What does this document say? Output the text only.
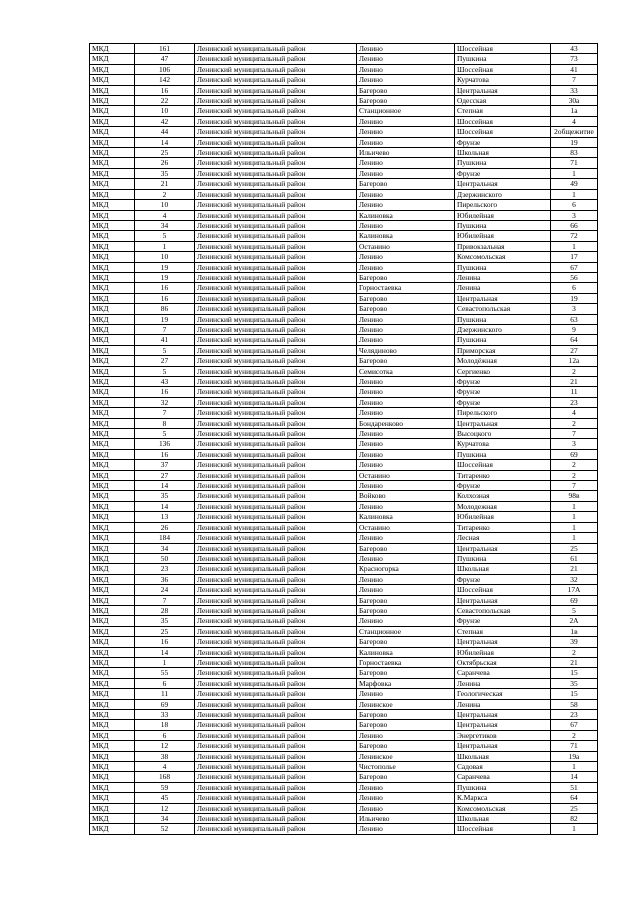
МКД	161	Ленинский муниципальный район	Ленино	Шоссейная	43
МКД	47	Ленинский муниципальный район	Ленино	Пушкина	73
МКД	106	Ленинский муниципальный район	Ленино	Шоссейная	41
МКД	142	Ленинский муниципальный район	Ленино	Курчатова	7
МКД	16	Ленинский муниципальный район	Багерово	Центральная	33
МКД	22	Ленинский муниципальный район	Багерово	Одесская	30а
МКД	10	Ленинский муниципальный район	Станционное	Степная	1а
МКД	42	Ленинский муниципальный район	Ленино	Шоссейная	4
МКД	44	Ленинский муниципальный район	Ленино	Шоссейная	2общежитие
МКД	14	Ленинский муниципальный район	Ленино	Фрунзе	19
МКД	25	Ленинский муниципальный район	Ильичево	Школьная	83
МКД	26	Ленинский муниципальный район	Ленино	Пушкина	71
МКД	35	Ленинский муниципальный район	Ленино	Фрунзе	1
МКД	21	Ленинский муниципальный район	Багерово	Центральная	49
МКД	2	Ленинский муниципальный район	Ленино	Дзержинского	1
МКД	10	Ленинский муниципальный район	Ленино	Пирельского	6
МКД	4	Ленинский муниципальный район	Калиновка	Юбилейная	3
МКД	34	Ленинский муниципальный район	Ленино	Пушкина	66
МКД	5	Ленинский муниципальный район	Калиновка	Юбилейная	72
МКД	1	Ленинский муниципальный район	Останино	Привокзальная	1
МКД	10	Ленинский муниципальный район	Ленино	Комсомольская	17
МКД	19	Ленинский муниципальный район	Ленино	Пушкина	67
МКД	19	Ленинский муниципальный район	Багерово	Ленина	56
МКД	16	Ленинский муниципальный район	Горностаевка	Ленина	6
МКД	16	Ленинский муниципальный район	Багерово	Центральная	19
МКД	86	Ленинский муниципальный район	Багерово	Севастопольская	3
МКД	19	Ленинский муниципальный район	Ленино	Пушкина	63
МКД	7	Ленинский муниципальный район	Ленино	Дзержинского	9
МКД	41	Ленинский муниципальный район	Ленино	Пушкина	64
МКД	5	Ленинский муниципальный район	Челядиново	Приморская	27
МКД	27	Ленинский муниципальный район	Багерово	Молодёжная	12а
МКД	5	Ленинский муниципальный район	Семисотка	Сергиенко	2
МКД	43	Ленинский муниципальный район	Ленино	Фрунзе	21
МКД	16	Ленинский муниципальный район	Ленино	Фрунзе	11
МКД	32	Ленинский муниципальный район	Ленино	Фрунзе	23
МКД	7	Ленинский муниципальный район	Ленино	Пирельского	4
МКД	8	Ленинский муниципальный район	Бондаренково	Центральная	2
МКД	5	Ленинский муниципальный район	Ленино	Высоцкого	7
МКД	136	Ленинский муниципальный район	Ленино	Курчатова	3
МКД	16	Ленинский муниципальный район	Ленино	Пушкина	69
МКД	37	Ленинский муниципальный район	Ленино	Шоссейная	2
МКД	27	Ленинский муниципальный район	Останино	Титаренко	2
МКД	14	Ленинский муниципальный район	Ленино	Фрунзе	7
МКД	35	Ленинский муниципальный район	Войково	Колхозная	98в
МКД	14	Ленинский муниципальный район	Ленино	Молодежная	1
МКД	13	Ленинский муниципальный район	Калиновка	Юбилейная	1
МКД	26	Ленинский муниципальный район	Останино	Титаренко	1
МКД	184	Ленинский муниципальный район	Ленино	Лесная	1
МКД	34	Ленинский муниципальный район	Багерово	Центральная	25
МКД	50	Ленинский муниципальный район	Ленино	Пушкина	61
МКД	23	Ленинский муниципальный район	Красногорка	Школьная	21
МКД	36	Ленинский муниципальный район	Ленино	Фрунзе	32
МКД	24	Ленинский муниципальный район	Ленино	Шоссейная	17А
МКД	7	Ленинский муниципальный район	Багерово	Центральная	69
МКД	28	Ленинский муниципальный район	Багерово	Севастопольская	5
МКД	35	Ленинский муниципальный район	Ленино	Фрунзе	2А
МКД	25	Ленинский муниципальный район	Станционное	Степная	1в
МКД	16	Ленинский муниципальный район	Багерово	Центральная	39
МКД	14	Ленинский муниципальный район	Калиновка	Юбилейная	2
МКД	1	Ленинский муниципальный район	Горностаевка	Октябрьская	21
МКД	55	Ленинский муниципальный район	Багерово	Саранчева	15
МКД	6	Ленинский муниципальный район	Марфовка	Ленина	35
МКД	11	Ленинский муниципальный район	Ленино	Геологическая	15
МКД	69	Ленинский муниципальный район	Ленинское	Ленина	58
МКД	33	Ленинский муниципальный район	Багерово	Центральная	23
МКД	18	Ленинский муниципальный район	Багерово	Центральная	67
МКД	6	Ленинский муниципальный район	Ленино	Энергетиков	2
МКД	12	Ленинский муниципальный район	Багерово	Центральная	71
МКД	38	Ленинский муниципальный район	Ленинское	Школьная	19а
МКД	4	Ленинский муниципальный район	Чистополье	Садовая	1
МКД	168	Ленинский муниципальный район	Багерово	Саранчева	14
МКД	59	Ленинский муниципальный район	Ленино	Пушкина	51
МКД	45	Ленинский муниципальный район	Ленино	К.Маркса	64
МКД	12	Ленинский муниципальный район	Ленино	Комсомольская	25
МКД	34	Ленинский муниципальный район	Ильичево	Школьная	82
МКД	52	Ленинский муниципальный район	Ленино	Шоссейная	1
